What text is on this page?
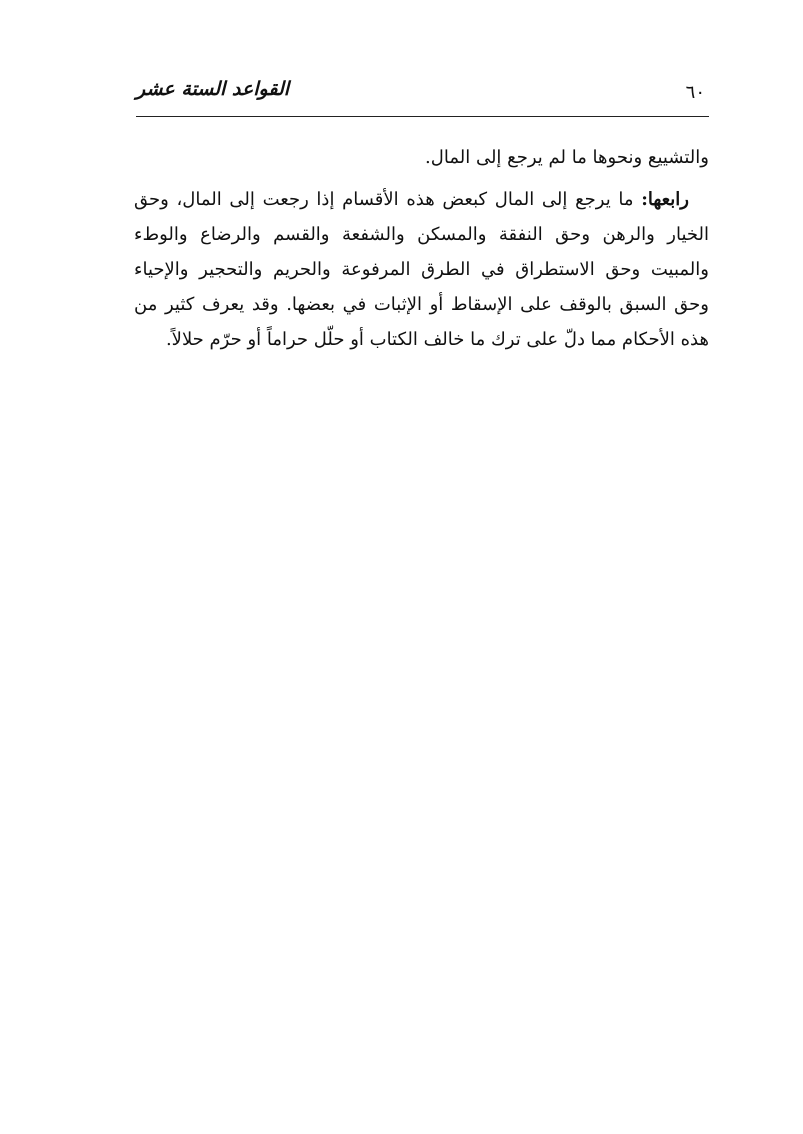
القواعد الستة عشر	٦٠

والتشييع ونحوها ما لم يرجع إلى المال.

رابعها: ما يرجع إلى المال كبعض هذه الأقسام إذا رجعت إلى المال، وحق الخيار والرهن وحق النفقة والمسكن والشفعة والقسم والرضاع والوطء والمبيت وحق الاستطراق في الطرق المرفوعة والحريم والتحجير والإحياء وحق السبق بالوقف على الإسقاط أو الإثبات في بعضها. وقد يعرف كثير من هذه الأحكام مما دلّ على ترك ما خالف الكتاب أو حلّل حراماً أو حرّم حلالاً.
